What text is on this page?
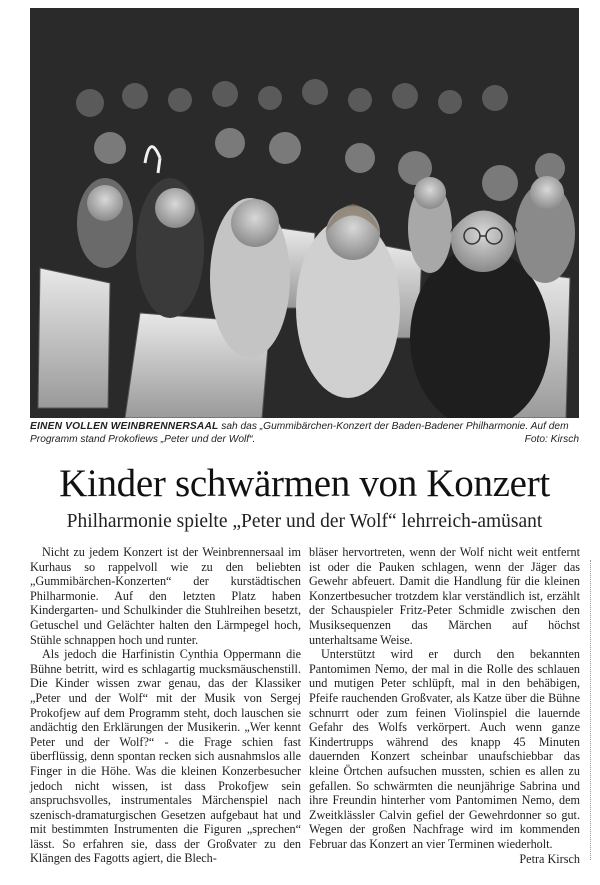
EINEN VOLLEN WEINBRENNERSAAL sah das „Gummibärchen-Konzert der Baden-Badener Philharmonie. Auf dem Programm stand Prokofiews „Peter und der Wolf“.	Foto: Kirsch
Kinder schwärmen von Konzert
Philharmonie spielte „Peter und der Wolf“ lehrreich-amüsant

Nicht zu jedem Konzert ist der Weinbrennersaal im Kurhaus so rappelvoll wie zu den beliebten „Gummibärchen-Konzerten“ der kurstädtischen Philharmonie. Auf den letzten Platz haben Kindergarten- und Schulkinder die Stuhlreihen besetzt, Getuschel und Gelächter halten den Lärmpegel hoch, Stühle schnappen hoch und runter.

Als jedoch die Harfinistin Cynthia Oppermann die Bühne betritt, wird es schlagartig mucksmäuschenstill. Die Kinder wissen zwar genau, das der Klassiker „Peter und der Wolf“ mit der Musik von Sergej Prokofjew auf dem Programm steht, doch lauschen sie andächtig den Erklärungen der Musikerin. „Wer kennt Peter und der Wolf?“ - die Frage schien fast überflüssig, denn spontan recken sich ausnahmslos alle Finger in die Höhe. Was die kleinen Konzerbesucher jedoch nicht wissen, ist dass Prokofjew sein anspruchsvolles, instrumentales Märchenspiel nach szenisch-dramaturgischen Gesetzen aufgebaut hat und mit bestimmten Instrumenten die Figuren „sprechen“ lässt. So erfahren sie, dass der Großvater zu den Klängen des Fagotts agiert, die Blech-

bläser hervortreten, wenn der Wolf nicht weit entfernt ist oder die Pauken schlagen, wenn der Jäger das Gewehr abfeuert. Damit die Handlung für die kleinen Konzertbesucher trotzdem klar verständlich ist, erzählt der Schauspieler Fritz-Peter Schmidle zwischen den Musiksequenzen das Märchen auf höchst unterhaltsame Weise.

Unterstützt wird er durch den bekannten Pantomimen Nemo, der mal in die Rolle des schlauen und mutigen Peter schlüpft, mal in den behäbigen, Pfeife rauchenden Großvater, als Katze über die Bühne schnurrt oder zum feinen Violinspiel die lauernde Gefahr des Wolfs verkörpert. Auch wenn ganze Kindertrupps während des knapp 45 Minuten dauernden Konzert scheinbar unaufschiebbar das kleine Örtchen aufsuchen mussten, schien es allen zu gefallen. So schwärmten die neunjährige Sabrina und ihre Freundin hinterher vom Pantomimen Nemo, dem Zweitklässler Calvin gefiel der Gewehrdonner so gut. Wegen der großen Nachfrage wird im kommenden Februar das Konzert an vier Terminen wiederholt.

Petra Kirsch
